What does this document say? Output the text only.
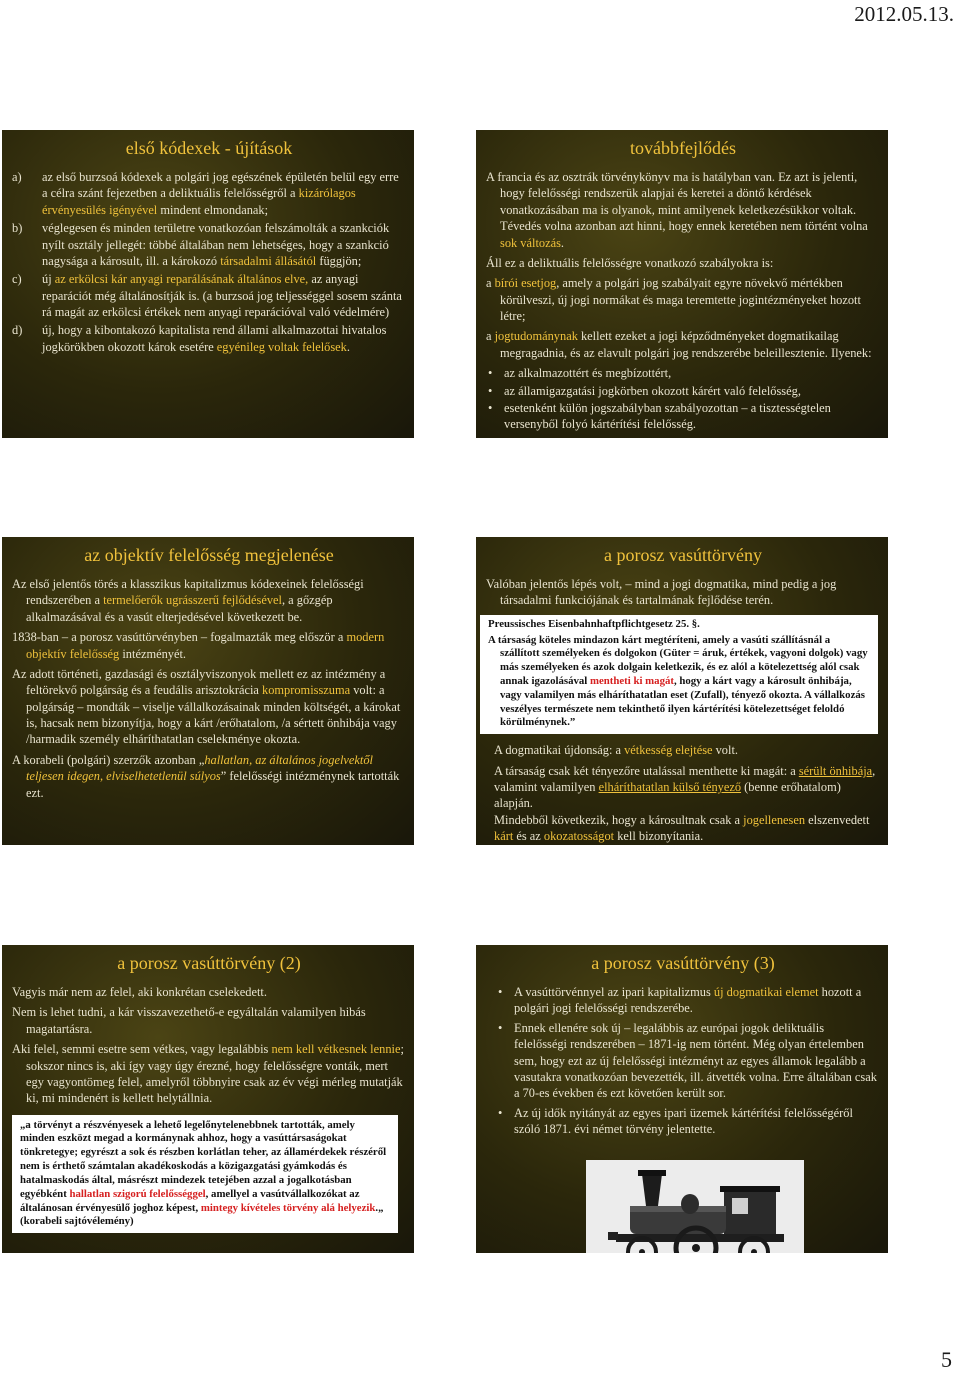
2012.05.13.
első kódexek - újítások
a) az első burzsoá kódexek a polgári jog egészének épületén belül egy erre a célra szánt fejezetben a deliktuális felelősségről a kizárólagos érvényesülés igényével mindent elmondanak;
b) véglegesen és minden területre vonatkozóan felszámolták a szankciók nyílt osztály jellegét: többé általában nem lehetséges, hogy a szankció nagysága a károsult, ill. a károkozó társadalmi állásától függjön;
c) új az erkölcsi kár anyagi reparálásának általános elve, az anyagi reparációt még általánosítják is. (a burzsoá jog teljességgel sosem szánta rá magát az erkölcsi értékek nem anyagi reparációval való védelmére)
d) új, hogy a kibontakozó kapitalista rend állami alkalmazottai hivatalos jogkörökben okozott károk esetére egyénileg voltak felelősek.
továbbfejlődés

A francia és az osztrák törvénykönyv ma is hatályban van. Ez azt is jelenti, hogy felelősségi rendszerük alapjai és keretei a döntő kérdések vonatkozásában ma is olyanok, mint amilyenek keletkezésükkor voltak. Tévedés volna azonban azt hinni, hogy ennek keretében nem történt volna sok változás.

Áll ez a deliktuális felelősségre vonatkozó szabályokra is:

a bírói esetjog, amely a polgári jog szabályait egyre növekvő mértékben körülveszi, új jogi normákat és maga teremtette jogintézményeket hozott létre;

a jogtudománynak kellett ezeket a jogi képződményeket dogmatikailag megragadnia, és az elavult polgári jog rendszerébe beleillesztenie. Ilyenek:

• az alkalmazottért és megbízottért,
• az államigazgatási jogkörben okozott kárért való felelősség,
• esetenként külön jogszabályban szabályozottan – a tisztességtelen versenyből folyó kártérítési felelősség.
az objektív felelősség megjelenése

Az első jelentős törés a klasszikus kapitalizmus kódexeinek felelősségi rendszerében a termelőerők ugrásszerű fejlődésével, a gőzgép alkalmazásával és a vasút elterjedésével következett be.

1838-ban – a porosz vasúttörvényben – fogalmazták meg először a modern objektív felelősség intézményét.

Az adott történeti, gazdasági és osztályviszonyok mellett ez az intézmény a feltörekvő polgárság és a feudális arisztokrácia kompromisszuma volt: a polgárság – mondták – viselje vállalkozásainak minden költségét, a károkat is, hacsak nem bizonyítja, hogy a kárt /erőhatalom, /a sértett önhibája vagy /harmadik személy elháríthatatlan cselekménye okozta.

A korabeli (polgári) szerzők azonban „hallatlan, az általános jogelvektől teljesen idegen, elviselhetetlenül súlyos” felelősségi intézménynek tartották ezt.

a porosz vasúttörvény

Valóban jelentős lépés volt, – mind a jogi dogmatika, mind pedig a jog társadalmi funkciójának és tartalmának fejlődése terén.

Preussisches Eisenbahnhaftpflichtgesetz 25. §.
A társaság köteles mindazon kárt megtéríteni, amely a vasúti szállításnál a szállított személyeken és dolgokon (Güter = áruk, értékek, vagyoni dolgok) vagy más személyeken és azok dolgain keletkezik, és ez alól a kötelezettség alól csak annak igazolásával mentheti ki magát, hogy a kárt vagy a károsult önhibája, vagy valamilyen más elháríthatatlan eset (Zufall), tényező okozta. A vállalkozás veszélyes természete nem tekinthető ilyen kártérítési kötelezettséget feloldó körülménynek.”

A dogmatikai újdonság: a vétkesség elejtése volt.

A társaság csak két tényezőre utalással menthette ki magát: a sérült önhibája, valamint valamilyen elháríthatatlan külső tényező (benne erőhatalom) alapján.

Mindebből következik, hogy a károsultnak csak a jogellenesen elszenvedett kárt és az okozatosságot kell bizonyítania.

a porosz vasúttörvény (2)

Vagyis már nem az felel, aki konkrétan cselekedett.

Nem is lehet tudni, a kár visszavezethető-e egyáltalán valamilyen hibás magatartásra.

Aki felel, semmi esetre sem vétkes, vagy legalábbis nem kell vétkesnek lennie; sokszor nincs is, aki így vagy úgy érezné, hogy felelősségre vonták, mert egy vagyontömeg felel, amelyről többnyire csak az év végi mérleg mutatják ki, mi mindenért is kellett helytállnia.

„a törvényt a részvényesek a lehető legelőnytelenebbnek tartották, amely minden eszközt megad a kormánynak ahhoz, hogy a vasúttársaságokat tönkretegye; egyrészt a sok és részben korlátlan teher, az államérdekek részéről nem is érthető számtalan akadékoskodás a közigazgatási gyámkodás és hatalmaskodás által, másrészt mindezek tetejében azzal a jogalkotásban egyébként hallatlan szigorú felelősséggel, amellyel a vasútvállalkozókat az általánosan érvényesülő joghoz képest, mintegy kívételes törvény alá helyezik.„ (korabeli sajtóvélemény)
a porosz vasúttörvény (3)
• A vasúttörvénnyel az ipari kapitalizmus új dogmatikai elemet hozott a polgári jogi felelősségi rendszerébe.
• Ennek ellenére sok új – legalábbis az európai jogok deliktuális felelősségi rendszerében – 1871-ig nem történt. Még olyan értelemben sem, hogy ezt az új felelősségi intézményt az egyes államok legalább a vasutakra vonatkozóan bevezették, ill. átvették volna. Erre általában csak a 70-es években és ezt követően került sor.
• Az új idők nyitányát az egyes ipari üzemek kártérítési felelősségéről szóló 1871. évi német törvény jelentette.
5
